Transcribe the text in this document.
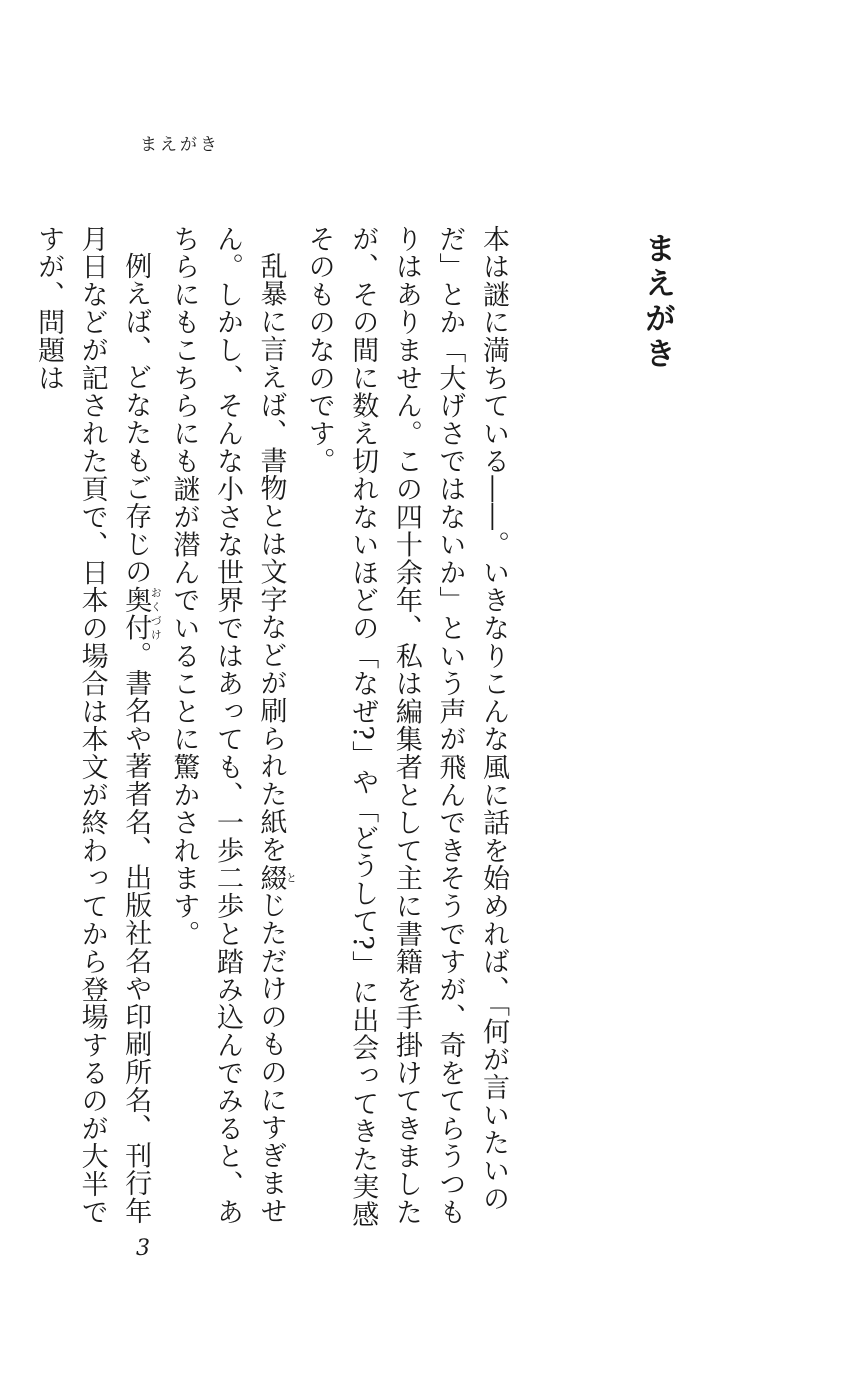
まえがき
まえがき

本は謎に満ちている――。いきなりこんな風に話を始めれば、「何が言いたいのだ」とか「大げさではないか」という声が飛んできそうですが、奇をてらうつもりはありません。この四十余年、私は編集者として主に書籍を手掛けてきましたが、その間に数え切れないほどの「なぜ?」や「どうして?」に出会ってきた実感そのものなのです。

乱暴に言えば、書物とは文字などが刷られた紙を綴とじただけのものにすぎません。しかし、そんな小さな世界ではあっても、一歩二歩と踏み込んでみると、あちらにもこちらにも謎が潜んでいることに驚かされます。

例えば、どなたもご存じの奥付おくづけ。書名や著者名、出版社名や印刷所名、刊行年月日などが記された頁で、日本の場合は本文が終わってから登場するのが大半ですが、問題は

3
